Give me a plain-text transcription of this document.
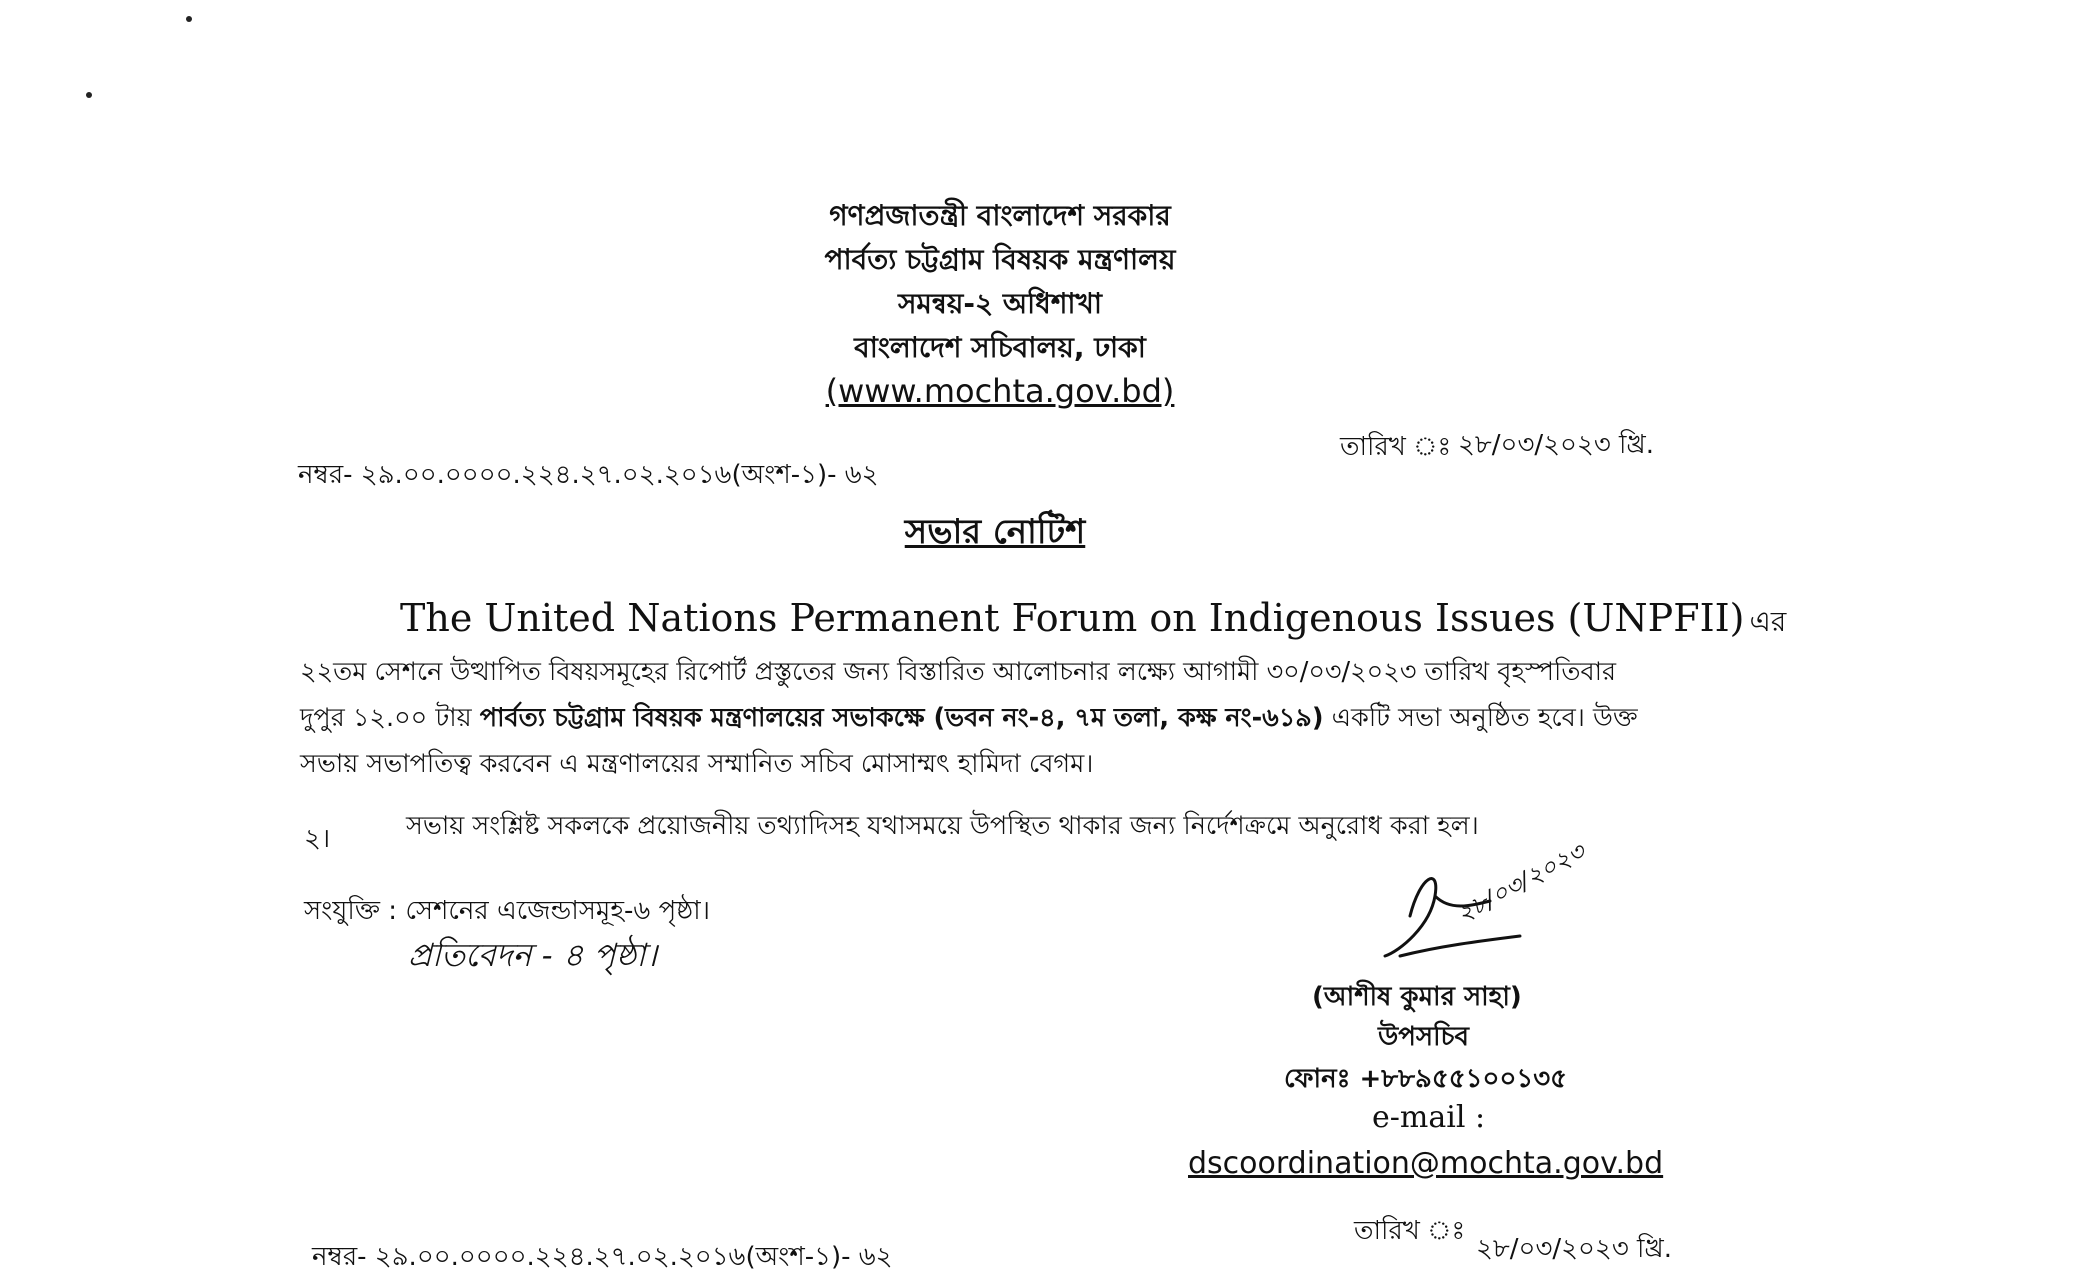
গণপ্রজাতন্ত্রী বাংলাদেশ সরকার
পার্বত্য চট্টগ্রাম বিষয়ক মন্ত্রণালয়
সমন্বয়-২ অধিশাখা
বাংলাদেশ সচিবালয়, ঢাকা
(www.mochta.gov.bd)
নম্বর- ২৯.০০.০০০০.২২৪.২৭.০২.২০১৬(অংশ-১)- ৬২
তারিখ ঃ ২৮/০৩/২০২৩ খ্রি.
সভার নোটিশ
The United Nations Permanent Forum on Indigenous Issues (UNPFII) এর
২২তম সেশনে উত্থাপিত বিষয়সমূহের রিপোর্ট প্রস্তুতের জন্য বিস্তারিত আলোচনার লক্ষ্যে আগামী ৩০/০৩/২০২৩ তারিখ বৃহস্পতিবার
দুপুর ১২.০০ টায় পার্বত্য চট্টগ্রাম বিষয়ক মন্ত্রণালয়ের সভাকক্ষে (ভবন নং-৪, ৭ম তলা, কক্ষ নং-৬১৯) একটি সভা অনুষ্ঠিত হবে। উক্ত
সভায় সভাপতিত্ব করবেন এ মন্ত্রণালয়ের সম্মানিত সচিব মোসাম্মৎ হামিদা বেগম।
২।	সভায় সংশ্লিষ্ট সকলকে প্রয়োজনীয় তথ্যাদিসহ যথাসময়ে উপস্থিত থাকার জন্য নির্দেশক্রমে অনুরোধ করা হল।
সংযুক্তি : সেশনের এজেন্ডাসমূহ-৬ পৃষ্ঠা।
প্রতিবেদন - ৪ পৃষ্ঠা।
২৮/০৩/২০২৩
(আশীষ কুমার সাহা)
উপসচিব
ফোনঃ +৮৮৯৫৫১০০১৩৫
e-mail :
dscoordination@mochta.gov.bd
নম্বর- ২৯.০০.০০০০.২২৪.২৭.০২.২০১৬(অংশ-১)- ৬২
তারিখ ঃ
২৮/০৩/২০২৩ খ্রি.
